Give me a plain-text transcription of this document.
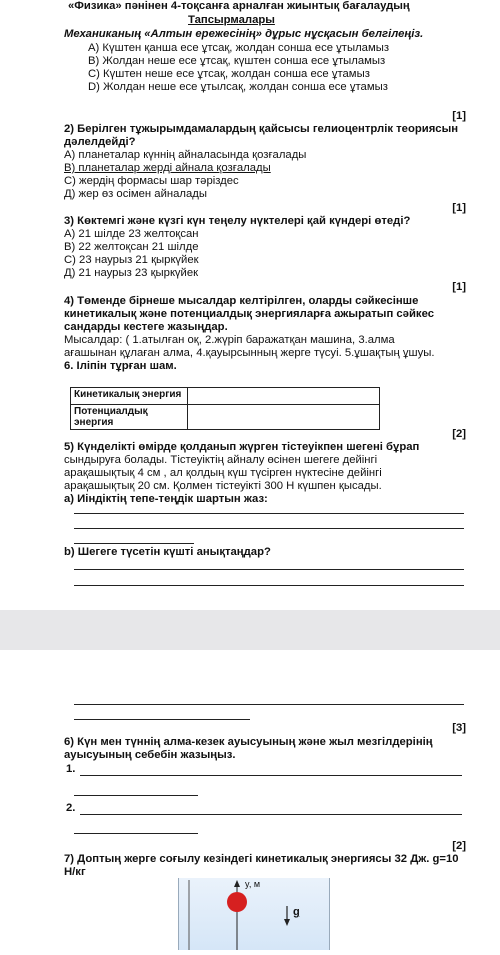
«Физика» пәнінен 4-тоқсанға арналған жиынтық бағалаудың
Тапсырмалары
Механиканың «Алтын ережесінің» дұрыс нұсқасын белгілеңіз.
А) Күштен қанша есе ұтсақ, жолдан сонша есе ұтыламыз
В) Жолдан неше есе ұтсақ, күштен сонша есе ұтыламыз
С) Күштен неше есе ұтсақ, жолдан сонша есе ұтамыз
D) Жолдан неше есе ұтылсақ, жолдан сонша есе ұтамыз
[1]
2) Берілген тұжырымдамалардың қайсысы гелиоцентрлік теориясын
дәлелдейді?
А) планеталар күннің айналасында қозғалады
В) планеталар жерді айнала қозғалады
С) жердің формасы шар тәріздес
Д) жер өз осімен айналады
[1]
3) Көктемгі және күзгі күн теңелу нүктелері қай күндері өтеді?
А) 21 шілде 23 желтоқсан
В) 22 желтоқсан 21 шілде
С) 23 наурыз 21 қыркүйек
Д) 21 наурыз 23 қыркүйек
[1]
4) Төменде бірнеше мысалдар келтірілген, оларды сәйкесінше
кинетикалық және потенциалдық энергияларға ажыратып сәйкес
сандарды кестеге жазыңдар.
Мысалдар: ( 1.атылған оқ, 2.жүріп баражатқан машина, 3.алма
ағашынан құлаған алма, 4.қауырсынның жерге түсуі. 5.ұшақтың ұшуы.
6. Іліпін тұрған шам.
Кинетикалық энергия	
Потенциалдық
энергия	
[2]
5) Күнделікті өмірде қолданып жүрген тістеуікпен шегені бұрап
сындыруға болады. Тістеуіктің айналу өсінен шегеге дейінгі
арақашықтық 4 см , ал қолдың күш түсірген нүктесіне дейінгі
арақашықтық 20 см. Қолмен тістеуікті 300 Н күшпен қысады.
а) Иіндіктің тепе-теңдік шартын жаз:
b) Шегеге түсетін күшті анықтаңдар?
[3]
6) Күн мен түннің алма-кезек ауысуының және жыл мезгілдерінің
ауысуының себебін жазыңыз.
1.
2.
[2]
7) Доптың жерге соғылу кезіндегі кинетикалық энергиясы 32 Дж. g=10
Н/кг
y, м
g
